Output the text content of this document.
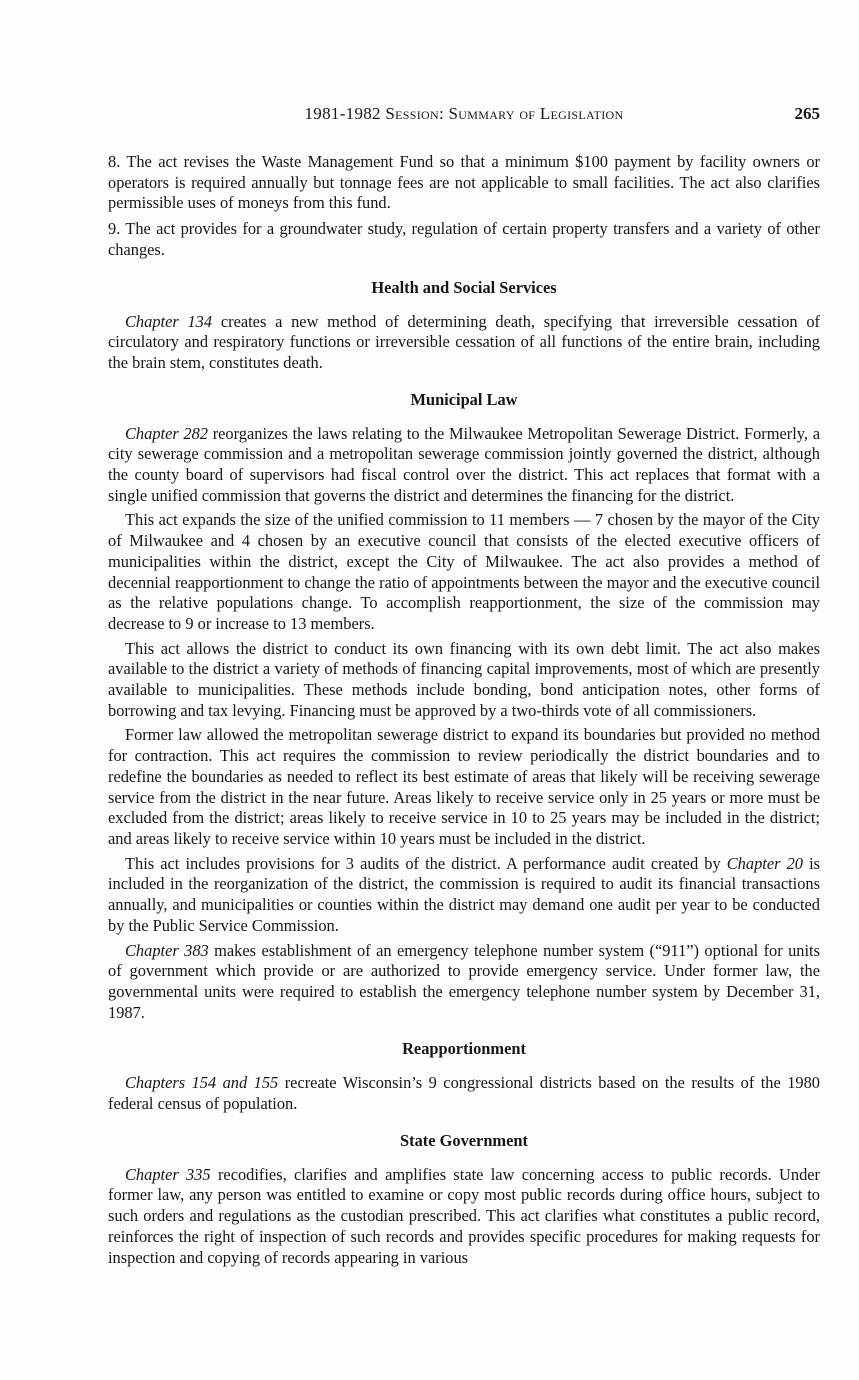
1981-1982 Session: Summary of Legislation	265

8. The act revises the Waste Management Fund so that a minimum $100 payment by facility owners or operators is required annually but tonnage fees are not applicable to small facilities. The act also clarifies permissible uses of moneys from this fund.

9. The act provides for a groundwater study, regulation of certain property transfers and a variety of other changes.

Health and Social Services

Chapter 134 creates a new method of determining death, specifying that irreversible cessation of circulatory and respiratory functions or irreversible cessation of all functions of the entire brain, including the brain stem, constitutes death.

Municipal Law

Chapter 282 reorganizes the laws relating to the Milwaukee Metropolitan Sewerage District. Formerly, a city sewerage commission and a metropolitan sewerage commission jointly governed the district, although the county board of supervisors had fiscal control over the district. This act replaces that format with a single unified commission that governs the district and determines the financing for the district.

This act expands the size of the unified commission to 11 members — 7 chosen by the mayor of the City of Milwaukee and 4 chosen by an executive council that consists of the elected executive officers of municipalities within the district, except the City of Milwaukee. The act also provides a method of decennial reapportionment to change the ratio of appointments between the mayor and the executive council as the relative populations change. To accomplish reapportionment, the size of the commission may decrease to 9 or increase to 13 members.

This act allows the district to conduct its own financing with its own debt limit. The act also makes available to the district a variety of methods of financing capital improvements, most of which are presently available to municipalities. These methods include bonding, bond anticipation notes, other forms of borrowing and tax levying. Financing must be approved by a two-thirds vote of all commissioners.

Former law allowed the metropolitan sewerage district to expand its boundaries but provided no method for contraction. This act requires the commission to review periodically the district boundaries and to redefine the boundaries as needed to reflect its best estimate of areas that likely will be receiving sewerage service from the district in the near future. Areas likely to receive service only in 25 years or more must be excluded from the district; areas likely to receive service in 10 to 25 years may be included in the district; and areas likely to receive service within 10 years must be included in the district.

This act includes provisions for 3 audits of the district. A performance audit created by Chapter 20 is included in the reorganization of the district, the commission is required to audit its financial transactions annually, and municipalities or counties within the district may demand one audit per year to be conducted by the Public Service Commission.

Chapter 383 makes establishment of an emergency telephone number system (“911”) optional for units of government which provide or are authorized to provide emergency service. Under former law, the governmental units were required to establish the emergency telephone number system by December 31, 1987.

Reapportionment

Chapters 154 and 155 recreate Wisconsin’s 9 congressional districts based on the results of the 1980 federal census of population.

State Government

Chapter 335 recodifies, clarifies and amplifies state law concerning access to public records. Under former law, any person was entitled to examine or copy most public records during office hours, subject to such orders and regulations as the custodian prescribed. This act clarifies what constitutes a public record, reinforces the right of inspection of such records and provides specific procedures for making requests for inspection and copying of records appearing in various
